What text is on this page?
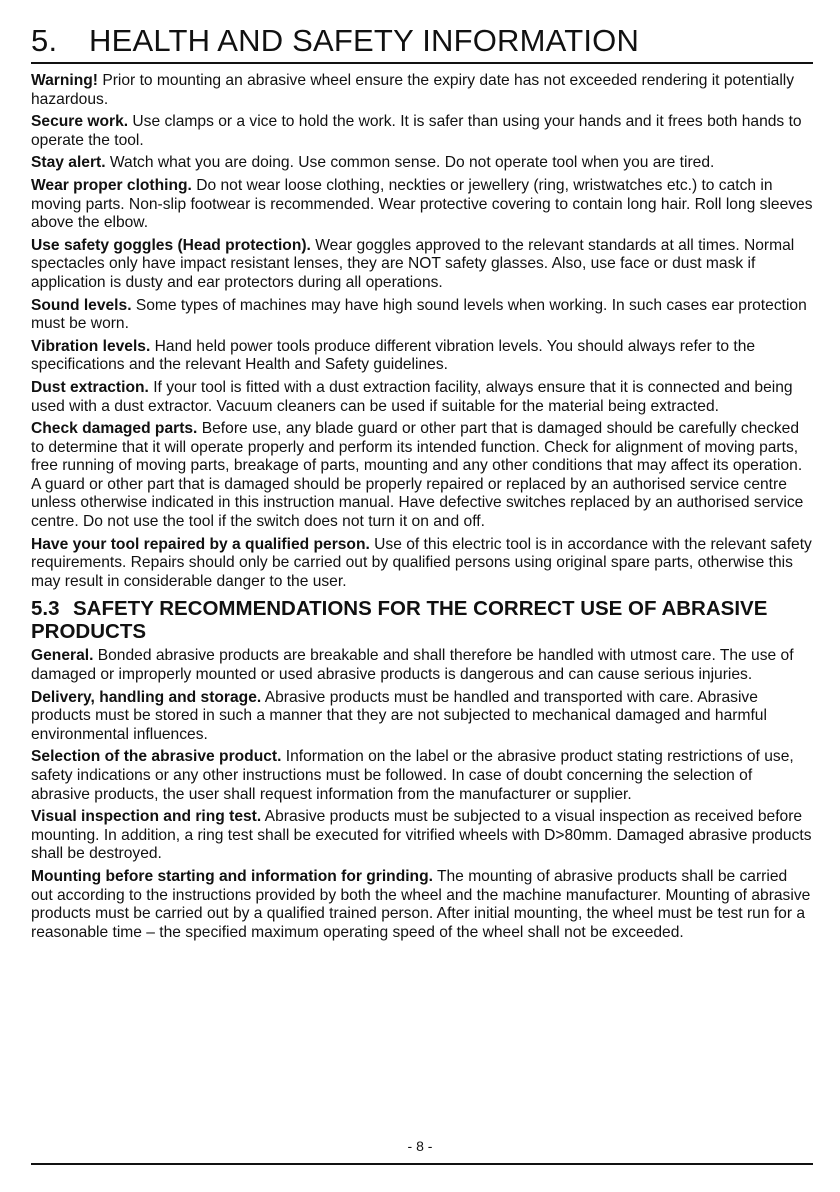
5. HEALTH AND SAFETY INFORMATION

Warning! Prior to mounting an abrasive wheel ensure the expiry date has not exceeded rendering it potentially hazardous.

Secure work. Use clamps or a vice to hold the work. It is safer than using your hands and it frees both hands to operate the tool.

Stay alert. Watch what you are doing. Use common sense. Do not operate tool when you are tired.

Wear proper clothing. Do not wear loose clothing, neckties or jewellery (ring, wristwatches etc.) to catch in moving parts. Non-slip footwear is recommended. Wear protective covering to contain long hair. Roll long sleeves above the elbow.

Use safety goggles (Head protection). Wear goggles approved to the relevant standards at all times. Normal spectacles only have impact resistant lenses, they are NOT safety glasses. Also, use face or dust mask if application is dusty and ear protectors during all operations.

Sound levels. Some types of machines may have high sound levels when working. In such cases ear protection must be worn.

Vibration levels. Hand held power tools produce different vibration levels. You should always refer to the specifications and the relevant Health and Safety guidelines.

Dust extraction. If your tool is fitted with a dust extraction facility, always ensure that it is connected and being used with a dust extractor. Vacuum cleaners can be used if suitable for the material being extracted.

Check damaged parts. Before use, any blade guard or other part that is damaged should be carefully checked to determine that it will operate properly and perform its intended function. Check for alignment of moving parts, free running of moving parts, breakage of parts, mounting and any other conditions that may affect its operation. A guard or other part that is damaged should be properly repaired or replaced by an authorised service centre unless otherwise indicated in this instruction manual. Have defective switches replaced by an authorised service centre. Do not use the tool if the switch does not turn it on and off.

Have your tool repaired by a qualified person. Use of this electric tool is in accordance with the relevant safety requirements. Repairs should only be carried out by qualified persons using original spare parts, otherwise this may result in considerable danger to the user.

5.3 SAFETY RECOMMENDATIONS FOR THE CORRECT USE OF ABRASIVE PRODUCTS

General. Bonded abrasive products are breakable and shall therefore be handled with utmost care. The use of damaged or improperly mounted or used abrasive products is dangerous and can cause serious injuries.

Delivery, handling and storage. Abrasive products must be handled and transported with care. Abrasive products must be stored in such a manner that they are not subjected to mechanical damaged and harmful environmental influences.

Selection of the abrasive product. Information on the label or the abrasive product stating restrictions of use, safety indications or any other instructions must be followed. In case of doubt concerning the selection of abrasive products, the user shall request information from the manufacturer or supplier.

Visual inspection and ring test. Abrasive products must be subjected to a visual inspection as received before mounting. In addition, a ring test shall be executed for vitrified wheels with D>80mm. Damaged abrasive products shall be destroyed.

Mounting before starting and information for grinding. The mounting of abrasive products shall be carried out according to the instructions provided by both the wheel and the machine manufacturer. Mounting of abrasive products must be carried out by a qualified trained person. After initial mounting, the wheel must be test run for a reasonable time – the specified maximum operating speed of the wheel shall not be exceeded.

- 8 -
